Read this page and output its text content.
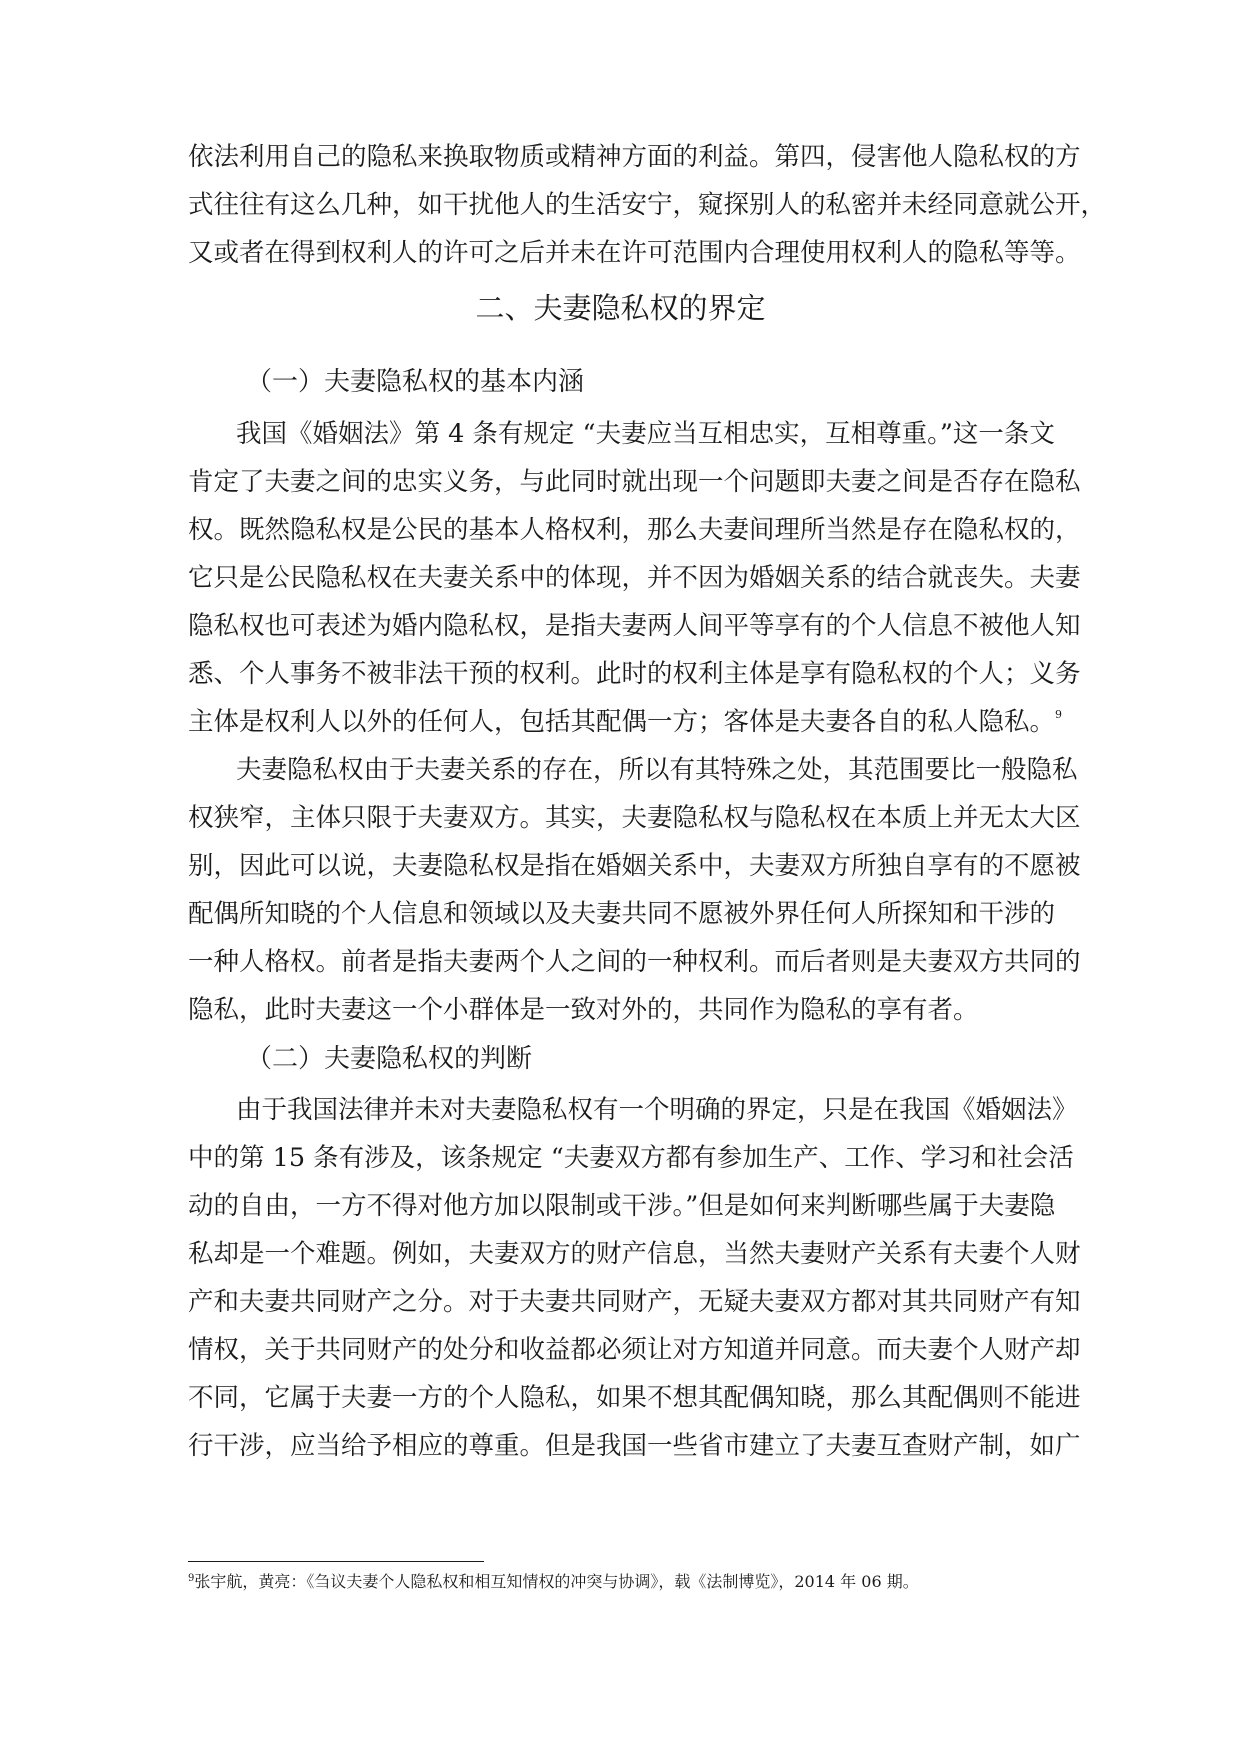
依法利用自己的隐私来换取物质或精神方面的利益。第四，侵害他人隐私权的方
式往往有这么几种，如干扰他人的生活安宁，窥探别人的私密并未经同意就公开，
又或者在得到权利人的许可之后并未在许可范围内合理使用权利人的隐私等等。
二、夫妻隐私权的界定
（一）夫妻隐私权的基本内涵
我国《婚姻法》第 4 条有规定 “夫妻应当互相忠实，互相尊重。”这一条文
肯定了夫妻之间的忠实义务，与此同时就出现一个问题即夫妻之间是否存在隐私
权。既然隐私权是公民的基本人格权利，那么夫妻间理所当然是存在隐私权的，
它只是公民隐私权在夫妻关系中的体现，并不因为婚姻关系的结合就丧失。夫妻
隐私权也可表述为婚内隐私权，是指夫妻两人间平等享有的个人信息不被他人知
悉、个人事务不被非法干预的权利。此时的权利主体是享有隐私权的个人；义务
主体是权利人以外的任何人，包括其配偶一方；客体是夫妻各自的私人隐私。$^9$
夫妻隐私权由于夫妻关系的存在，所以有其特殊之处，其范围要比一般隐私
权狭窄，主体只限于夫妻双方。其实，夫妻隐私权与隐私权在本质上并无太大区
别，因此可以说，夫妻隐私权是指在婚姻关系中，夫妻双方所独自享有的不愿被
配偶所知晓的个人信息和领域以及夫妻共同不愿被外界任何人所探知和干涉的
一种人格权。前者是指夫妻两个人之间的一种权利。而后者则是夫妻双方共同的
隐私，此时夫妻这一个小群体是一致对外的，共同作为隐私的享有者。
（二）夫妻隐私权的判断
由于我国法律并未对夫妻隐私权有一个明确的界定，只是在我国《婚姻法》
中的第 15 条有涉及，该条规定 “夫妻双方都有参加生产、工作、学习和社会活
动的自由，一方不得对他方加以限制或干涉。”但是如何来判断哪些属于夫妻隐
私却是一个难题。例如，夫妻双方的财产信息，当然夫妻财产关系有夫妻个人财
产和夫妻共同财产之分。对于夫妻共同财产，无疑夫妻双方都对其共同财产有知
情权，关于共同财产的处分和收益都必须让对方知道并同意。而夫妻个人财产却
不同，它属于夫妻一方的个人隐私，如果不想其配偶知晓，那么其配偶则不能进
行干涉，应当给予相应的尊重。但是我国一些省市建立了夫妻互查财产制，如广
$^9$张宇航，黄亮：《刍议夫妻个人隐私权和相互知情权的冲突与协调》，载《法制博览》，2014 年 06 期。
